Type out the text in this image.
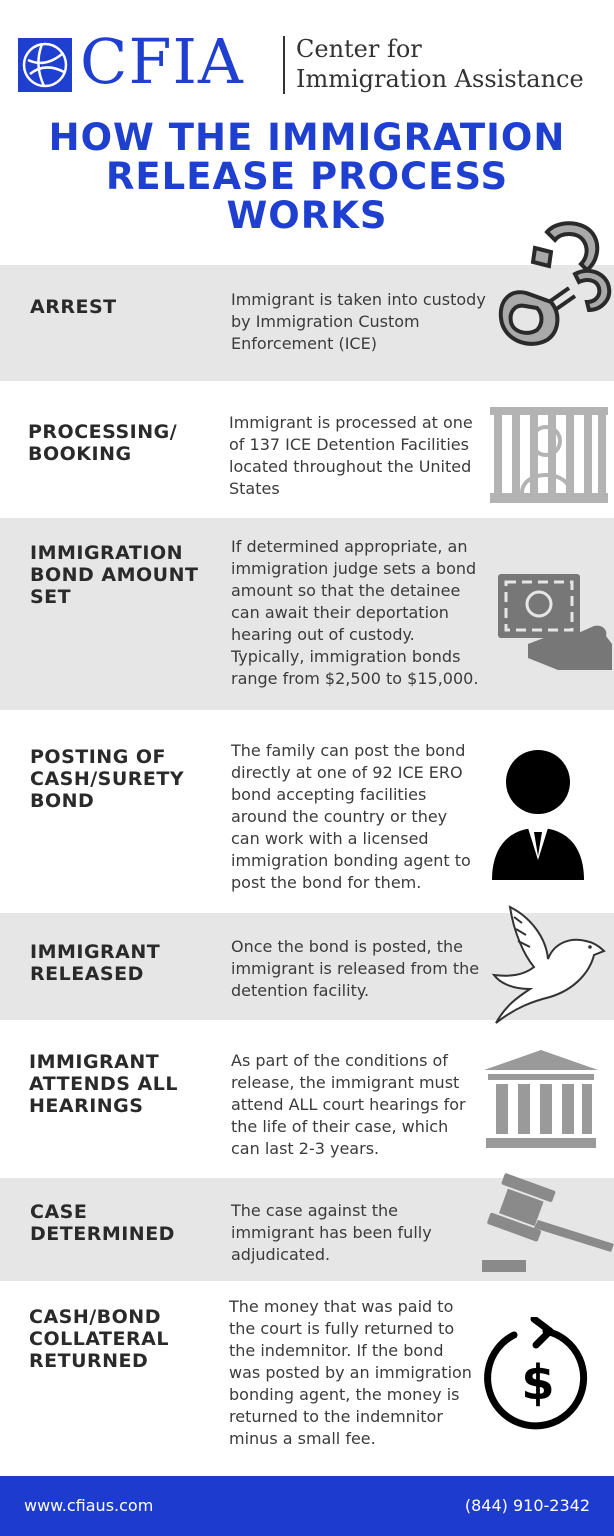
CFIA Center for
Immigration Assistance
HOW THE IMMIGRATION
RELEASE PROCESS
WORKS
ARREST	Immigrant is taken into custody
by Immigration Custom
Enforcement (ICE)
PROCESSING/
BOOKING
Immigrant is processed at one
of 137 ICE Detention Facilities
located throughout the United
States
IMMIGRATION
BOND AMOUNT
SET
If determined appropriate, an
immigration judge sets a bond
amount so that the detainee
can await their deportation
hearing out of custody.
Typically, immigration bonds
range from $2,500 to $15,000.
POSTING OF
CASH/SURETY
BOND
The family can post the bond
directly at one of 92 ICE ERO
bond accepting facilities
around the country or they
can work with a licensed
immigration bonding agent to
post the bond for them.
IMMIGRANT
RELEASED
Once the bond is posted, the
immigrant is released from the
detention facility.
IMMIGRANT
ATTENDS ALL
HEARINGS
As part of the conditions of
release, the immigrant must
attend ALL court hearings for
the life of their case, which
can last 2-3 years.
CASE
DETERMINED
The case against the
immigrant has been fully
adjudicated.
CASH/BOND
COLLATERAL
RETURNED
The money that was paid to
the court is fully returned to
the indemnitor. If the bond
was posted by an immigration
bonding agent, the money is
returned to the indemnitor
minus a small fee.
$
www.cfiaus.com	(844) 910-2342
